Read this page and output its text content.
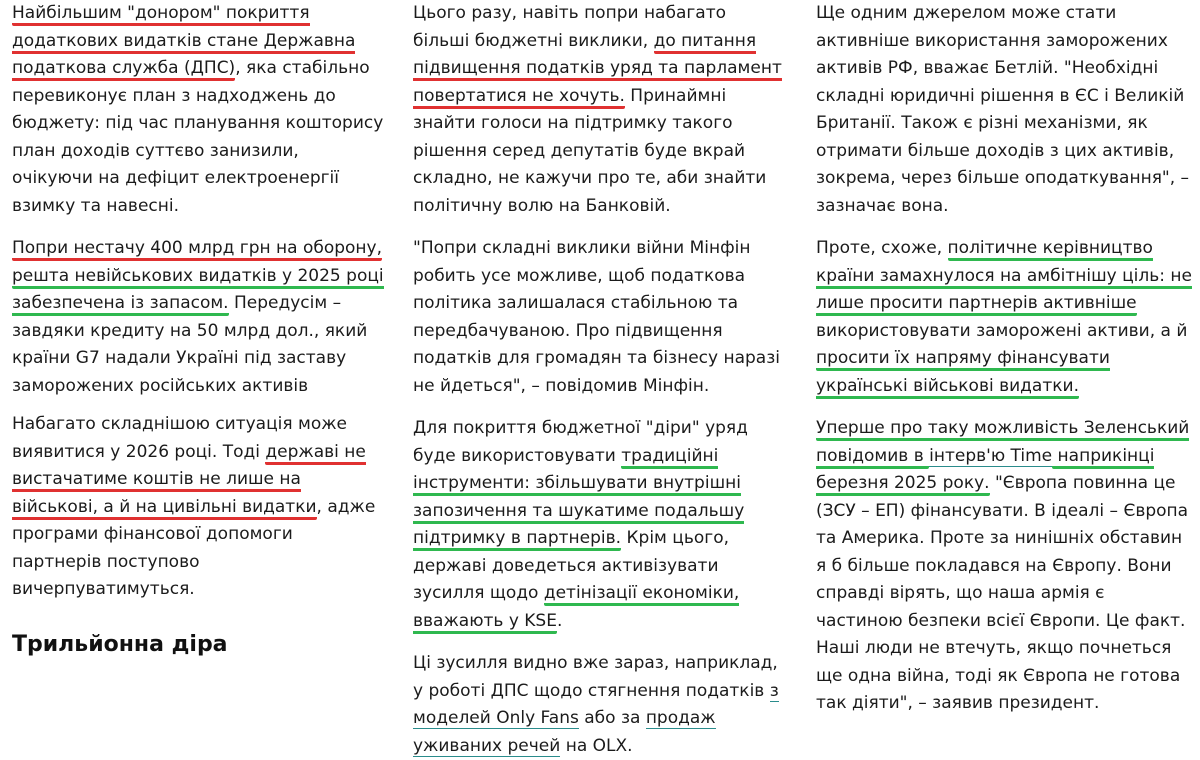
Найбільшим "донором" покриття додаткових видатків стане Державна податкова служба (ДПС), яка стабільно перевиконує план з надходжень до бюджету: під час планування кошторису план доходів суттєво занизили, очікуючи на дефіцит електроенергії взимку та навесні.

Попри нестачу 400 млрд грн на оборону, решта невійськових видатків у 2025 році забезпечена із запасом. Передусім – завдяки кредиту на 50 млрд дол., який країни G7 надали Україні під заставу заморожених російських активів

Набагато складнішою ситуація може виявитися у 2026 році. Тоді державі не вистачатиме коштів не лише на військові, а й на цивільні видатки, адже програми фінансової допомоги партнерів поступово вичерпуватимуться.

Трильйонна діра

Цього разу, навіть попри набагато більші бюджетні виклики, до питання підвищення податків уряд та парламент повертатися не хочуть. Принаймні знайти голоси на підтримку такого рішення серед депутатів буде вкрай складно, не кажучи про те, аби знайти політичну волю на Банковій.

"Попри складні виклики війни Мінфін робить усе можливе, щоб податкова політика залишалася стабільною та передбачуваною. Про підвищення податків для громадян та бізнесу наразі не йдеться", – повідомив Мінфін.

Для покриття бюджетної "діри" уряд буде використовувати традиційні інструменти: збільшувати внутрішні запозичення та шукатиме подальшу підтримку в партнерів. Крім цього, державі доведеться активізувати зусилля щодо детінізації економіки, вважають у KSE.

Ці зусилля видно вже зараз, наприклад, у роботі ДПС щодо стягнення податків з моделей Only Fans або за продаж уживаних речей на OLX.

Ще одним джерелом може стати активніше використання заморожених активів РФ, вважає Бетлій. "Необхідні складні юридичні рішення в ЄС і Великій Британії. Також є різні механізми, як отримати більше доходів з цих активів, зокрема, через більше оподаткування", – зазначає вона.

Проте, схоже, політичне керівництво країни замахнулося на амбітнішу ціль: не лише просити партнерів активніше використовувати заморожені активи, а й просити їх напряму фінансувати українські військові видатки.

Уперше про таку можливість Зеленський повідомив в інтерв'ю Time наприкінці березня 2025 року. "Європа повинна це (ЗСУ – ЕП) фінансувати. В ідеалі – Європа та Америка. Проте за нинішніх обставин я б більше покладався на Європу. Вони справді вірять, що наша армія є частиною безпеки всієї Європи. Це факт. Наші люди не втечуть, якщо почнеться ще одна війна, тоді як Європа не готова так діяти", – заявив президент.
